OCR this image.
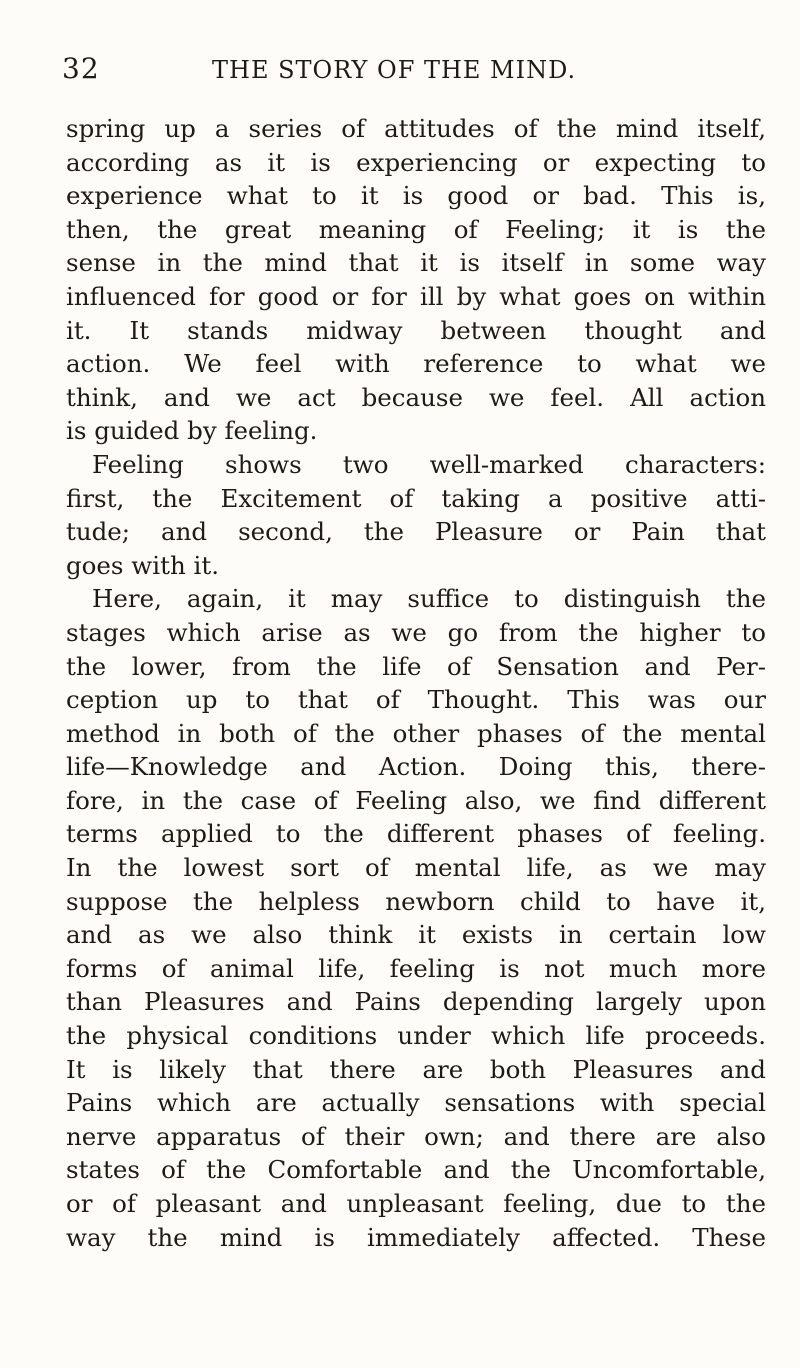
32	THE STORY OF THE MIND.
spring up a series of attitudes of the mind itself,
according as it is experiencing or expecting to
experience what to it is good or bad. This is,
then, the great meaning of Feeling; it is the
sense in the mind that it is itself in some way
influenced for good or for ill by what goes on within
it. It stands midway between thought and
action. We feel with reference to what we
think, and we act because we feel. All action
is guided by feeling.
Feeling shows two well-marked characters:
first, the Excitement of taking a positive atti-
tude; and second, the Pleasure or Pain that
goes with it.
Here, again, it may suffice to distinguish the
stages which arise as we go from the higher to
the lower, from the life of Sensation and Per-
ception up to that of Thought. This was our
method in both of the other phases of the mental
life—Knowledge and Action. Doing this, there-
fore, in the case of Feeling also, we find different
terms applied to the different phases of feeling.
In the lowest sort of mental life, as we may
suppose the helpless newborn child to have it,
and as we also think it exists in certain low
forms of animal life, feeling is not much more
than Pleasures and Pains depending largely upon
the physical conditions under which life proceeds.
It is likely that there are both Pleasures and
Pains which are actually sensations with special
nerve apparatus of their own; and there are also
states of the Comfortable and the Uncomfortable,
or of pleasant and unpleasant feeling, due to the
way the mind is immediately affected. These
